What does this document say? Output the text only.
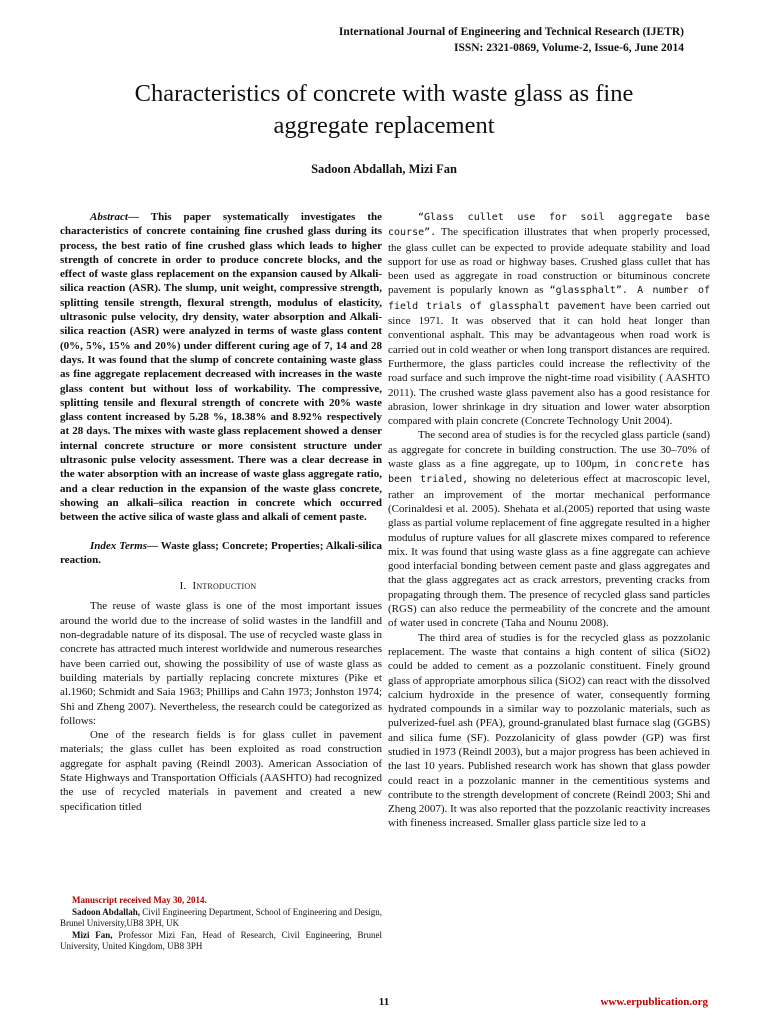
International Journal of Engineering and Technical Research (IJETR)
ISSN: 2321-0869, Volume-2, Issue-6, June 2014
Characteristics of concrete with waste glass as fine
aggregate replacement
Sadoon Abdallah, Mizi Fan

Abstract— This paper systematically investigates the characteristics of concrete containing fine crushed glass during its process, the best ratio of fine crushed glass which leads to higher strength of concrete in order to produce concrete blocks, and the effect of waste glass replacement on the expansion caused by Alkali-silica reaction (ASR). The slump, unit weight, compressive strength, splitting tensile strength, flexural strength, modulus of elasticity, ultrasonic pulse velocity, dry density, water absorption and Alkali-silica reaction (ASR) were analyzed in terms of waste glass content (0%, 5%, 15% and 20%) under different curing age of 7, 14 and 28 days. It was found that the slump of concrete containing waste glass as fine aggregate replacement decreased with increases in the waste glass content but without loss of workability. The compressive, splitting tensile and flexural strength of concrete with 20% waste glass content increased by 5.28 %, 18.38% and 8.92% respectively at 28 days. The mixes with waste glass replacement showed a denser internal concrete structure or more consistent structure under ultrasonic pulse velocity assessment. There was a clear decrease in the water absorption with an increase of waste glass aggregate ratio, and a clear reduction in the expansion of the waste glass concrete, showing an alkali–silica reaction in concrete which occurred between the active silica of waste glass and alkali of cement paste.

Index Terms— Waste glass; Concrete; Properties; Alkali-silica reaction.

I. Introduction

The reuse of waste glass is one of the most important issues around the world due to the increase of solid wastes in the landfill and non-degradable nature of its disposal. The use of recycled waste glass in concrete has attracted much interest worldwide and numerous researches have been carried out, showing the possibility of use of waste glass as building materials by partially replacing concrete mixtures (Pike et al.1960; Schmidt and Saia 1963; Phillips and Cahn 1973; Jonhston 1974; Shi and Zheng 2007). Nevertheless, the research could be categorized as follows:

One of the research fields is for glass cullet in pavement materials; the glass cullet has been exploited as road construction aggregate for asphalt paving (Reindl 2003). American Association of State Highways and Transportation Officials (AASHTO) had recognized the use of recycled materials in pavement and created a new specification titled

“Glass cullet use for soil aggregate base course”. The specification illustrates that when properly processed, the glass cullet can be expected to provide adequate stability and load support for use as road or highway bases. Crushed glass cullet that has been used as aggregate in road construction or bituminous concrete pavement is popularly known as “glassphalt”. A number of field trials of glassphalt pavement have been carried out since 1971. It was observed that it can hold heat longer than conventional asphalt. This may be advantageous when road work is carried out in cold weather or when long transport distances are required. Furthermore, the glass particles could increase the reflectivity of the road surface and such improve the night-time road visibility ( AASHTO 2011). The crushed waste glass pavement also has a good resistance for abrasion, lower shrinkage in dry situation and lower water absorption compared with plain concrete (Concrete Technology Unit 2004).

The second area of studies is for the recycled glass particle (sand) as aggregate for concrete in building construction. The use 30–70% of waste glass as a fine aggregate, up to 100μm, in concrete has been trialed, showing no deleterious effect at macroscopic level, rather an improvement of the mortar mechanical performance (Corinaldesi et al. 2005). Shehata et al.(2005) reported that using waste glass as partial volume replacement of fine aggregate resulted in a higher modulus of rupture values for all glascrete mixes compared to reference mix. It was found that using waste glass as a fine aggregate can achieve good interfacial bonding between cement paste and glass aggregates and that the glass aggregates act as crack arrestors, preventing cracks from propagating through them. The presence of recycled glass sand particles (RGS) can also reduce the permeability of the concrete and the amount of water used in concrete (Taha and Nounu 2008).

The third area of studies is for the recycled glass as pozzolanic replacement. The waste that contains a high content of silica (SiO2) could be added to cement as a pozzolanic constituent. Finely ground glass of appropriate amorphous silica (SiO2) can react with the dissolved calcium hydroxide in the presence of water, consequently forming hydrated compounds in a similar way to pozzolanic materials, such as pulverized-fuel ash (PFA), ground-granulated blast furnace slag (GGBS) and silica fume (SF). Pozzolanicity of glass powder (GP) was first studied in 1973 (Reindl 2003), but a major progress has been achieved in the last 10 years. Published research work has shown that glass powder could react in a pozzolanic manner in the cementitious systems and contribute to the strength development of concrete (Reindl 2003; Shi and Zheng 2007). It was also reported that the pozzolanic reactivity increases with fineness increased. Smaller glass particle size led to a

Manuscript received May 30, 2014.

Sadoon Abdallah, Civil Engineering Department, School of Engineering and Design, Brunel University,UB8 3PH, UK

Mizi Fan, Professor Mizi Fan, Head of Research, Civil Engineering, Brunel University, United Kingdom, UB8 3PH

11	www.erpublication.org
